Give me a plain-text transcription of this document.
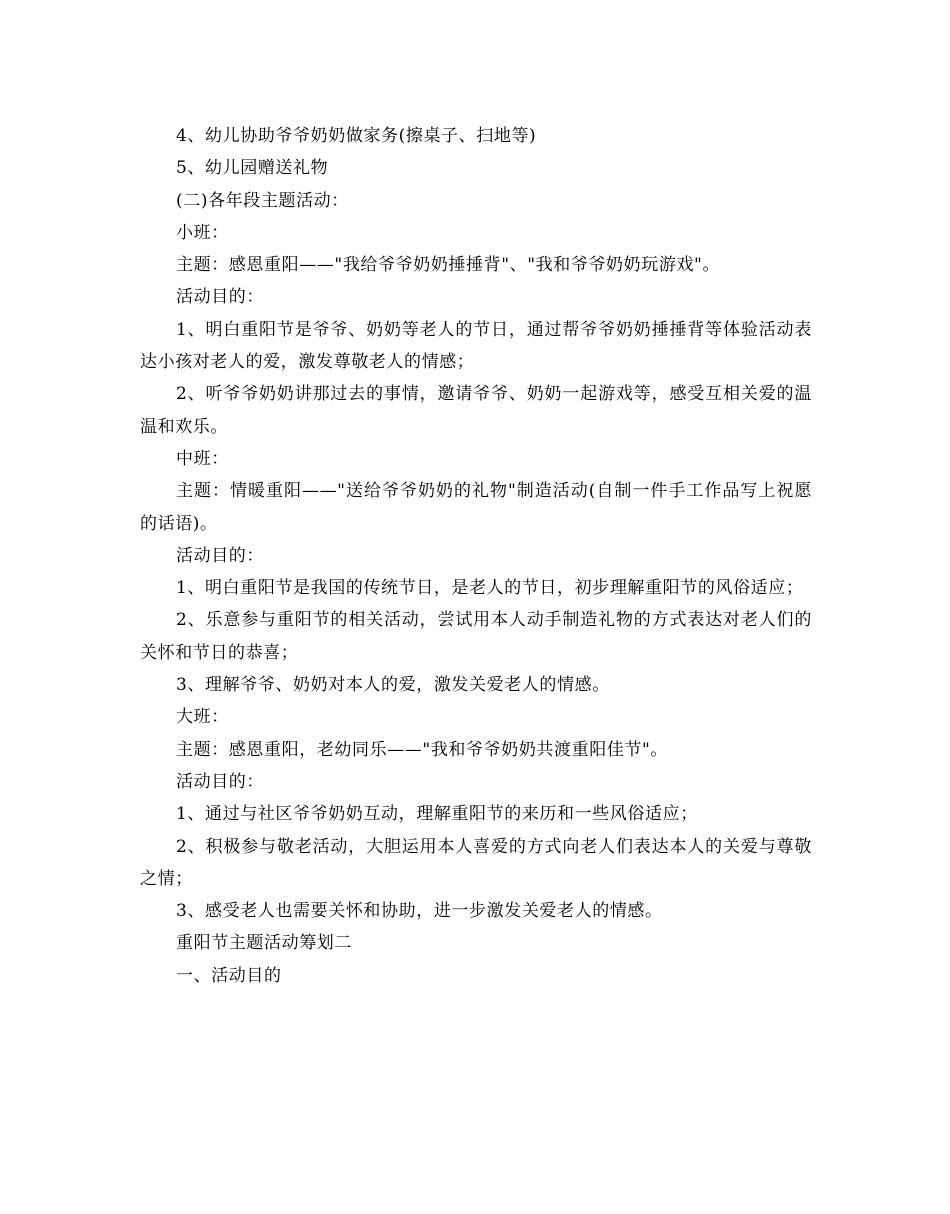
4、幼儿协助爷爷奶奶做家务(擦桌子、扫地等)

5、幼儿园赠送礼物

(二)各年段主题活动：

小班：

主题：感恩重阳——"我给爷爷奶奶捶捶背"、"我和爷爷奶奶玩游戏"。

活动目的：

1、明白重阳节是爷爷、奶奶等老人的节日，通过帮爷爷奶奶捶捶背等体验活动表达小孩对老人的爱，激发尊敬老人的情感；

2、听爷爷奶奶讲那过去的事情，邀请爷爷、奶奶一起游戏等，感受互相关爱的温温和欢乐。

中班：

主题：情暖重阳——"送给爷爷奶奶的礼物"制造活动(自制一件手工作品写上祝愿的话语)。

活动目的：

1、明白重阳节是我国的传统节日，是老人的节日，初步理解重阳节的风俗适应；

2、乐意参与重阳节的相关活动，尝试用本人动手制造礼物的方式表达对老人们的关怀和节日的恭喜；

3、理解爷爷、奶奶对本人的爱，激发关爱老人的情感。

大班：

主题：感恩重阳，老幼同乐——"我和爷爷奶奶共渡重阳佳节"。

活动目的：

1、通过与社区爷爷奶奶互动，理解重阳节的来历和一些风俗适应；

2、积极参与敬老活动，大胆运用本人喜爱的方式向老人们表达本人的关爱与尊敬之情；

3、感受老人也需要关怀和协助，进一步激发关爱老人的情感。

重阳节主题活动筹划二

一、活动目的
